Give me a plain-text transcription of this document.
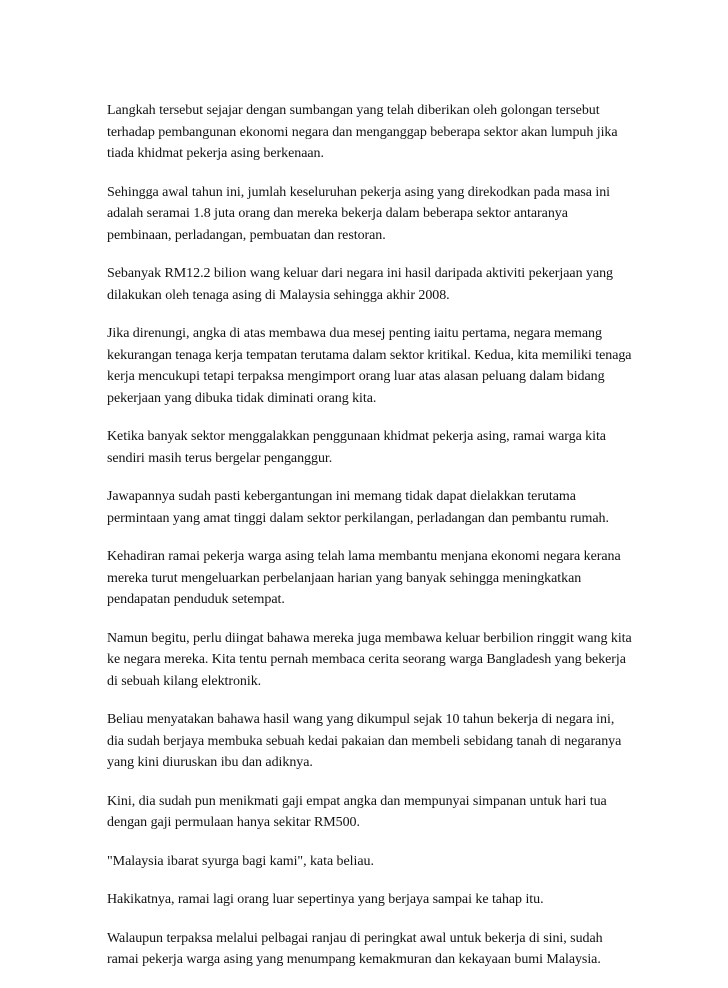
Langkah tersebut sejajar dengan sumbangan yang telah diberikan oleh golongan tersebut terhadap pembangunan ekonomi negara dan menganggap beberapa sektor akan lumpuh jika tiada khidmat pekerja asing berkenaan.

Sehingga awal tahun ini, jumlah keseluruhan pekerja asing yang direkodkan pada masa ini adalah seramai 1.8 juta orang dan mereka bekerja dalam beberapa sektor antaranya pembinaan, perladangan, pembuatan dan restoran.

Sebanyak RM12.2 bilion wang keluar dari negara ini hasil daripada aktiviti pekerjaan yang dilakukan oleh tenaga asing di Malaysia sehingga akhir 2008.

Jika direnungi, angka di atas membawa dua mesej penting iaitu pertama, negara memang kekurangan tenaga kerja tempatan terutama dalam sektor kritikal. Kedua, kita memiliki tenaga kerja mencukupi tetapi terpaksa mengimport orang luar atas alasan peluang dalam bidang pekerjaan yang dibuka tidak diminati orang kita.

Ketika banyak sektor menggalakkan penggunaan khidmat pekerja asing, ramai warga kita sendiri masih terus bergelar penganggur.

Jawapannya sudah pasti kebergantungan ini memang tidak dapat dielakkan terutama permintaan yang amat tinggi dalam sektor perkilangan, perladangan dan pembantu rumah.

Kehadiran ramai pekerja warga asing telah lama membantu menjana ekonomi negara kerana mereka turut mengeluarkan perbelanjaan harian yang banyak sehingga meningkatkan pendapatan penduduk setempat.

Namun begitu, perlu diingat bahawa mereka juga membawa keluar berbilion ringgit wang kita ke negara mereka. Kita tentu pernah membaca cerita seorang warga Bangladesh yang bekerja di sebuah kilang elektronik.

Beliau menyatakan bahawa hasil wang yang dikumpul sejak 10 tahun bekerja di negara ini, dia sudah berjaya membuka sebuah kedai pakaian dan membeli sebidang tanah di negaranya yang kini diuruskan ibu dan adiknya.

Kini, dia sudah pun menikmati gaji empat angka dan mempunyai simpanan untuk hari tua dengan gaji permulaan hanya sekitar RM500.

"Malaysia ibarat syurga bagi kami", kata beliau.

Hakikatnya, ramai lagi orang luar sepertinya yang berjaya sampai ke tahap itu.

Walaupun terpaksa melalui pelbagai ranjau di peringkat awal untuk bekerja di sini, sudah ramai pekerja warga asing yang menumpang kemakmuran dan kekayaan bumi Malaysia.
